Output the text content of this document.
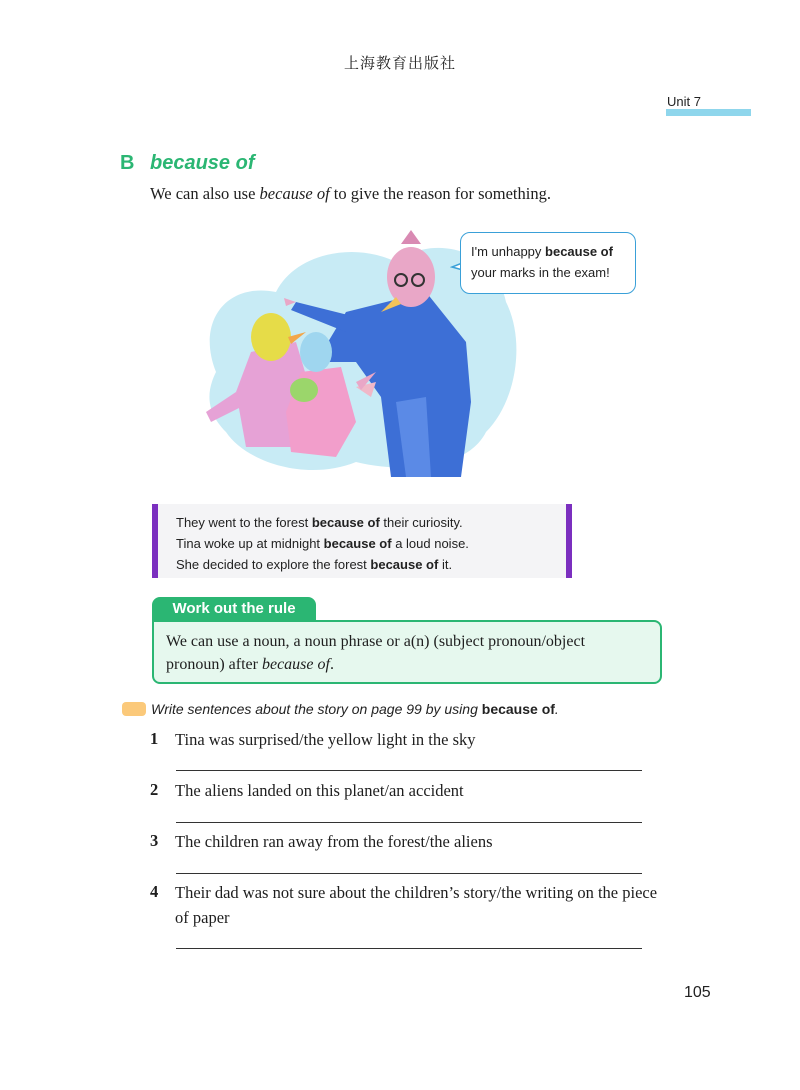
上海教育出版社
Unit 7
B because of
We can also use because of to give the reason for something.
I'm unhappy because of
your marks in the exam!
They went to the forest because of their curiosity.
Tina woke up at midnight because of a loud noise.
She decided to explore the forest because of it.
Work out the rule
We can use a noun, a noun phrase or a(n) (subject pronoun/object
pronoun) after because of.
Write sentences about the story on page 99 by using because of.
1 Tina was surprised/the yellow light in the sky
2 The aliens landed on this planet/an accident
3 The children ran away from the forest/the aliens
4 Their dad was not sure about the children’s story/the writing on the piece of paper
105
